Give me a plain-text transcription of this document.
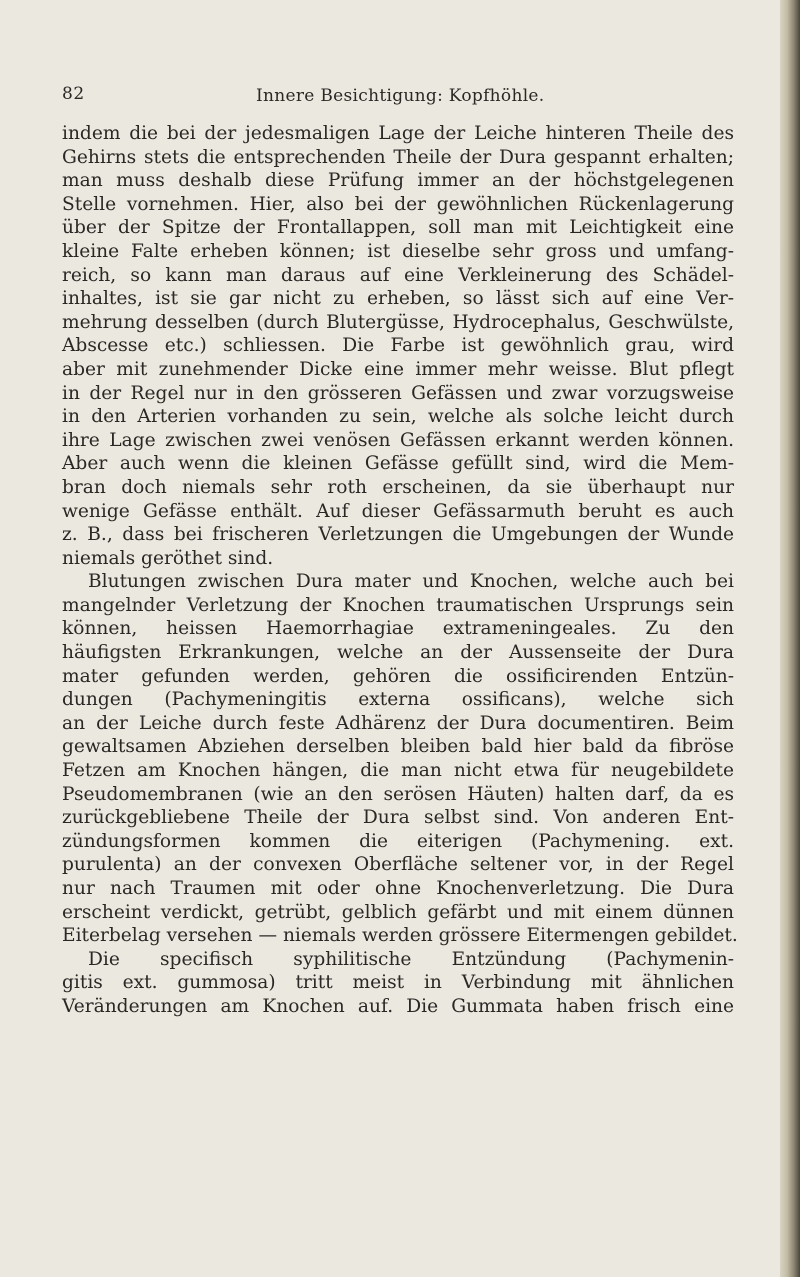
82	Innere Besichtigung: Kopfhöhle.
indem die bei der jedesmaligen Lage der Leiche hinteren Theile des
Gehirns stets die entsprechenden Theile der Dura gespannt erhalten;
man muss deshalb diese Prüfung immer an der höchstgelegenen
Stelle vornehmen. Hier, also bei der gewöhnlichen Rückenlagerung
über der Spitze der Frontallappen, soll man mit Leichtigkeit eine
kleine Falte erheben können; ist dieselbe sehr gross und umfang-
reich, so kann man daraus auf eine Verkleinerung des Schädel-
inhaltes, ist sie gar nicht zu erheben, so lässt sich auf eine Ver-
mehrung desselben (durch Blutergüsse, Hydrocephalus, Geschwülste,
Abscesse etc.) schliessen. Die Farbe ist gewöhnlich grau, wird
aber mit zunehmender Dicke eine immer mehr weisse. Blut pflegt
in der Regel nur in den grösseren Gefässen und zwar vorzugsweise
in den Arterien vorhanden zu sein, welche als solche leicht durch
ihre Lage zwischen zwei venösen Gefässen erkannt werden können.
Aber auch wenn die kleinen Gefässe gefüllt sind, wird die Mem-
bran doch niemals sehr roth erscheinen, da sie überhaupt nur
wenige Gefässe enthält. Auf dieser Gefässarmuth beruht es auch
z. B., dass bei frischeren Verletzungen die Umgebungen der Wunde
niemals geröthet sind.
Blutungen zwischen Dura mater und Knochen, welche auch bei
mangelnder Verletzung der Knochen traumatischen Ursprungs sein
können, heissen Haemorrhagiae extrameningeales. Zu den
häufigsten Erkrankungen, welche an der Aussenseite der Dura
mater gefunden werden, gehören die ossificirenden Entzün-
dungen (Pachymeningitis externa ossificans), welche sich
an der Leiche durch feste Adhärenz der Dura documentiren. Beim
gewaltsamen Abziehen derselben bleiben bald hier bald da fibröse
Fetzen am Knochen hängen, die man nicht etwa für neugebildete
Pseudomembranen (wie an den serösen Häuten) halten darf, da es
zurückgebliebene Theile der Dura selbst sind. Von anderen Ent-
zündungsformen kommen die eiterigen (Pachymening. ext.
purulenta) an der convexen Oberfläche seltener vor, in der Regel
nur nach Traumen mit oder ohne Knochenverletzung. Die Dura
erscheint verdickt, getrübt, gelblich gefärbt und mit einem dünnen
Eiterbelag versehen — niemals werden grössere Eitermengen gebildet.
Die specifisch syphilitische Entzündung (Pachymenin-
gitis ext. gummosa) tritt meist in Verbindung mit ähnlichen
Veränderungen am Knochen auf. Die Gummata haben frisch eine
